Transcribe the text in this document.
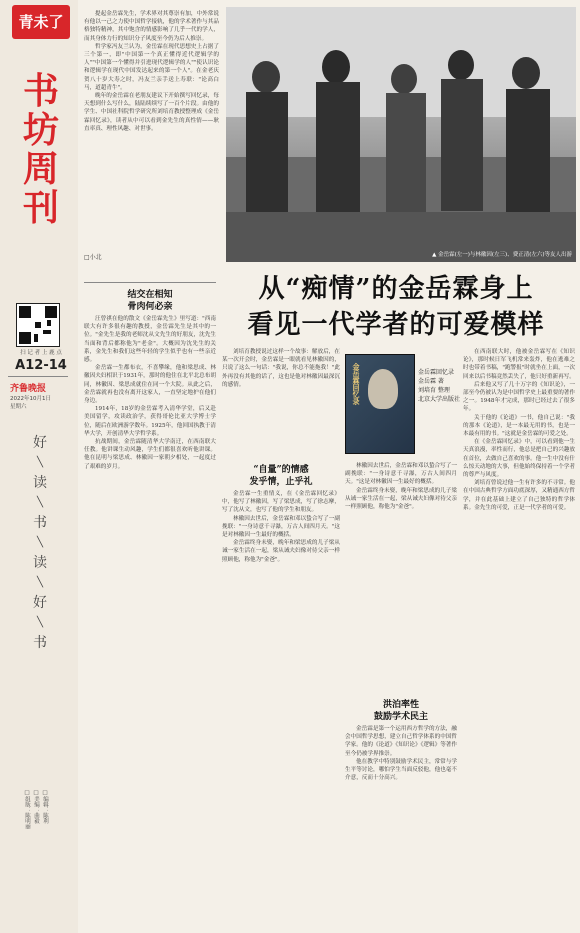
青未了
书
坊
周
刊
扫 记 者 上 鹿 点
A12-14
齐鲁晚报
2022年10月1日
星期六
好
╲
读
╲
书
╲
读
╲
好
╲
书
□编辑：陈利
□美编：曲毅
□组版：陈明丽

提起金岳霖先生，学术界对其尊崇有加，中外常说有他以一己之力使中国哲学接轨，他的学术著作与其品格独特精神，其中饱含的情感影响了几乎一代的学人，而其身体力行的知识分子风度至今仍为后人推崇。

哲学家冯友兰认为，金岳霖在现代思想史上占据了三个第一，即"中国第一个真正懂得近代逻辑学的人""中国第一个懂得并引进现代逻辑学的人""使认识论和逻辑学在现代中国发达起来的第一个人"。在金老庆贺八十岁大寿之时，冯友兰亲手送上寿联："论高白马，道超青牛"。

晚年的金岳霖在老朋友建议下开始撰写回忆录，每天想到什么写什么，陆陆续续写了一百个片段。由他的学生、中国社科院哲学研究所刘培育教授整理成《金岳霖回忆录》，读者从中可以看到金先生的真性情——耿直率真、理性风趣、对世事。

□小北	▲ 金岳霖(左一)与林徽因(左三)、费正清(左六)等友人出游
从“痴情”的金岳霖身上
看见一代学者的可爱模样
结交在相知
骨肉何必亲

汪曾祺在他的散文《金岳霖先生》里写道："西南联大有许多很有趣的教授，金岳霖先生是其中的一位。"金先生是我的老师沈从文先生的好朋友，沈先生当面和背后都称他为"老金"。大概因为沈先生的关系，金先生和我们这些年轻的学生似乎也有一些亲近感。

金岳霖一生都布衣，不喜攀缘，他和梁思成、林徽因夫妇相识于1931年，那时的他住在北平北总布胡同，林徽因、梁思成就住在同一个大院。从此之后，金岳霖就再也没有离开这家人，一直坚定地护在他们身边。

1914年，18岁的金岳霖考入清华学堂，后又赴美国留学，攻读政治学，获得哥伦比亚大学博士学位，随后在欧洲游学数年。1925年，他回国执教于清华大学，开创清华大学哲学系。

抗战期间，金岳霖随清华大学南迁，在西南联大任教。他讲课生动风趣，学生们都很喜欢听他讲课。他在昆明与梁思成、林徽因一家朝夕相处，一起度过了艰难的岁月。

刘培育教授说过这样一个故事：解放后，在某一次开会时，金岳霖是一眼就看见林徽因的，只说了这么一句话："我说，你总不能拖我！"此外再没有其他的话了，这也是他对林徽因最深沉的感情。	金岳霖回忆录	金岳霖回忆录
金岳霖 著
刘培育 整理
北京大学出版社
“自量”的情感
发乎情，止乎礼

金岳霖一生重情义，在《金岳霖回忆录》中，他写了林徽因，写了梁思成，写了徐志摩，写了沈从文，也写了他的学生和朋友。

林徽因去世后，金岳霖和邓以蛰合写了一副挽联："一身诗意千寻瀑，万古人间四月天。"这是对林徽因一生最好的概括。

金岳霖终身未娶，晚年和梁思成的儿子梁从诫一家生活在一起，梁从诫夫妇像对待父亲一样照顾他，称他为"金爸"。

林徽因去世后，金岳霖和邓以蛰合写了一副挽联："一身诗意千寻瀑，万古人间四月天。"这是对林徽因一生最好的概括。

金岳霖终身未娶，晚年和梁思成的儿子梁从诫一家生活在一起，梁从诫夫妇像对待父亲一样照顾他，称他为"金爸"。

洪泊率性
鼓励学术民主

金岳霖是第一个运用西方哲学的方法，融会中国哲学思想，建立自己哲学体系的中国哲学家。他的《论道》《知识论》《逻辑》等著作至今仍被学界推崇。

他在教学中特别鼓励学术民主，常常与学生平等讨论，哪怕学生当面反驳他，他也毫不介意，反而十分高兴。

在西南联大时，他被金岳霖写在《知识论》，那时候日军飞机常来轰炸，他在逃难之时也带着书稿，"跑警报"时就坐在上面，一次回来以后书稿竟然丢失了，他只好重新再写。

后来他又写了几十万字的《知识论》，一部至今仍被认为是中国哲学史上最重要的著作之一。1948年才完成，那时已经过去了很多年。

关于他的《论道》一书，他自己说："我的那本《论道》，是一本最无用的书，也是一本最有用的书。"这就是金岳霖的可爱之处。

在《金岳霖回忆录》中，可以看到他一生天真浪漫，率性而行，他总是把自己的兴趣放在首位，去做自己喜欢的事。他一生中没有什么惊天动地的大事，但他始终保持着一个学者的尊严与风度。

刘培育曾说过他一生有许多的不寻常。他在中国古典哲学方面功底深厚，又精通西方哲学，并在此基础上建立了自己独特的哲学体系。金先生的可爱，正是一代学者的可爱。
